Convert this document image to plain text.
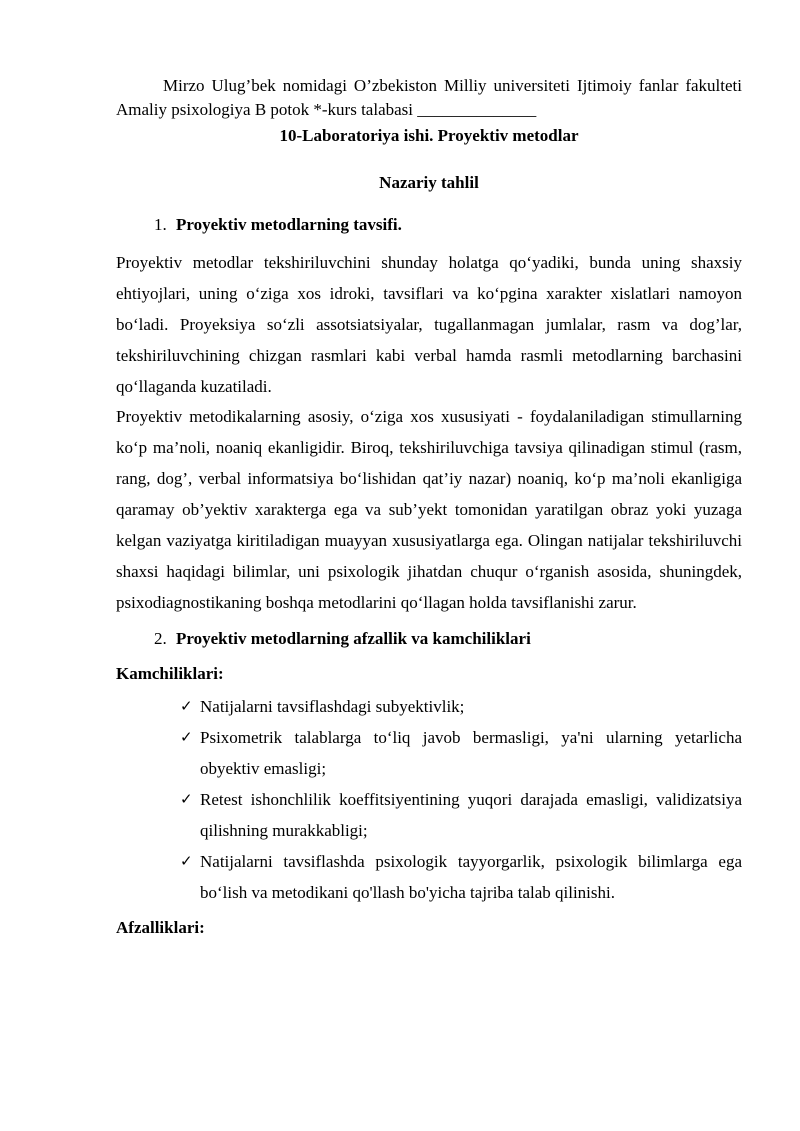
Mirzo Ulug’bek nomidagi O’zbekiston Milliy universiteti Ijtimoiy fanlar fakulteti Amaliy psixologiya B potok *-kurs talabasi ______________

10-Laboratoriya ishi. Proyektiv metodlar

Nazariy tahlil

1. Proyektiv metodlarning tavsifi.

Proyektiv metodlar tekshiriluvchini shunday holatga qo‘yadiki, bunda uning shaxsiy ehtiyojlari, uning o‘ziga xos idroki, tavsiflari va ko‘pgina xarakter xislatlari namoyon bo‘ladi. Proyeksiya so‘zli assotsiatsiyalar, tugallanmagan jumlalar, rasm va dog’lar, tekshiriluvchining chizgan rasmlari kabi verbal hamda rasmli metodlarning barchasini qo‘llaganda kuzatiladi.

Proyektiv metodikalarning asosiy, o‘ziga xos xususiyati - foydalaniladigan stimullarning ko‘p ma’noli, noaniq ekanligidir. Biroq, tekshiriluvchiga tavsiya qilinadigan stimul (rasm, rang, dog’, verbal informatsiya bo‘lishidan qat’iy nazar) noaniq, ko‘p ma’noli ekanligiga qaramay ob’yektiv xarakterga ega va sub’yekt tomonidan yaratilgan obraz yoki yuzaga kelgan vaziyatga kiritiladigan muayyan xususiyatlarga ega. Olingan natijalar tekshiriluvchi shaxsi haqidagi bilimlar, uni psixologik jihatdan chuqur o‘rganish asosida, shuningdek, psixodiagnostikaning boshqa metodlarini qo‘llagan holda tavsiflanishi zarur.

2. Proyektiv metodlarning afzallik va kamchiliklari

Kamchiliklari:

✓ Natijalarni tavsiflashdagi subyektivlik;
✓ Psixometrik talablarga to‘liq javob bermasligi, ya'ni ularning yetarlicha obyektiv emasligi;
✓ Retest ishonchlilik koeffitsiyentining yuqori darajada emasligi, validizatsiya qilishning murakkabligi;
✓ Natijalarni tavsiflashda psixologik tayyorgarlik, psixologik bilimlarga ega bo‘lish va metodikani qo'llash bo'yicha tajriba talab qilinishi.

Afzalliklari:
